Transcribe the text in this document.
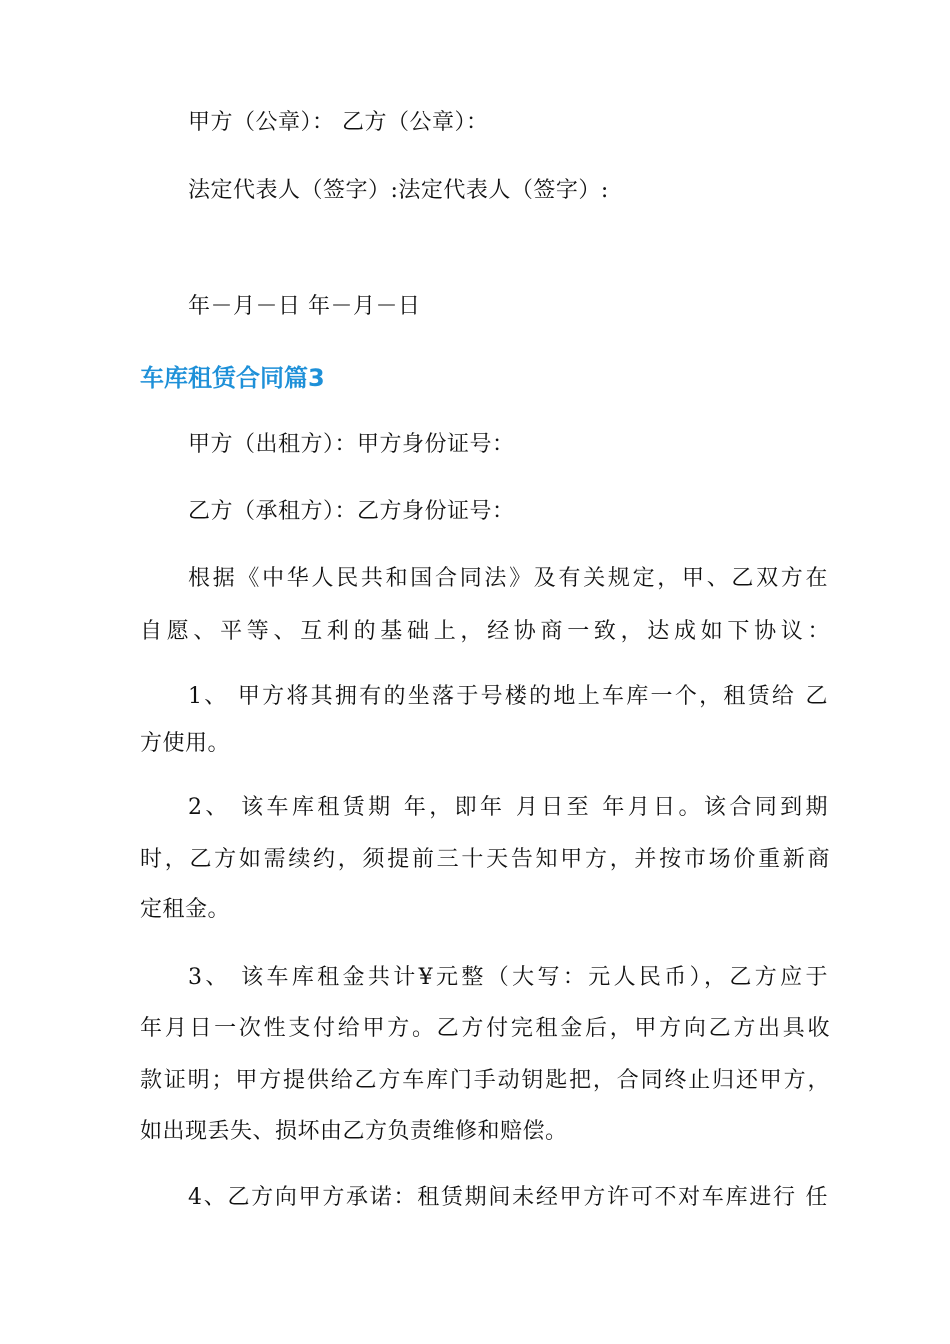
甲方（公章）： 乙方（公章）：
法定代表人（签字）:法定代表人（签字）:
年－月－日 年－月－日
车库租赁合同篇3
甲方（出租方）：甲方身份证号：
乙方（承租方）：乙方身份证号：
根据《中华人民共和国合同法》及有关规定，甲、乙双方在
自愿、平等、互利的基础上，经协商一致，达成如下协议：
1、 甲方将其拥有的坐落于号楼的地上车库一个，租赁给 乙
方使用。
2、 该车库租赁期 年，即年 月日至 年月日。该合同到期
时，乙方如需续约，须提前三十天告知甲方，并按市场价重新商
定租金。
3、 该车库租金共计¥元整（大写：元人民币），乙方应于
年月日一次性支付给甲方。乙方付完租金后，甲方向乙方出具收
款证明；甲方提供给乙方车库门手动钥匙把，合同终止归还甲方，
如出现丢失、损坏由乙方负责维修和赔偿。
4、乙方向甲方承诺：租赁期间未经甲方许可不对车库进行 任
